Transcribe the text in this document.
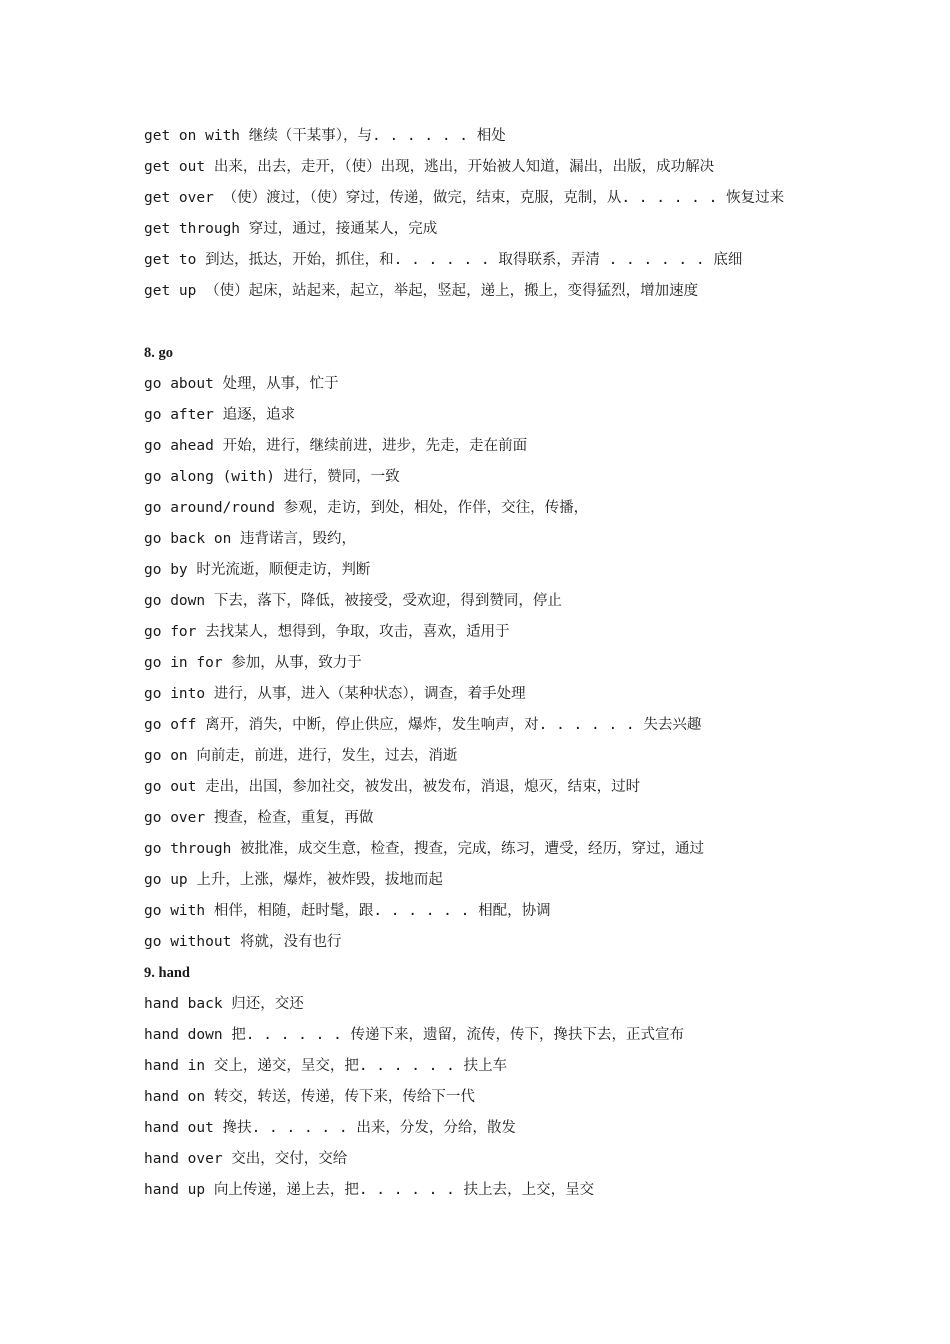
get on with 继续（干某事），与. . . . . . 相处
get out 出来，出去，走开，（使）出现，逃出，开始被人知道，漏出，出版，成功解决
get over （使）渡过，（使）穿过，传递，做完，结束，克服，克制，从. . . . . . 恢复过来
get through 穿过，通过，接通某人，完成
get to 到达，抵达，开始，抓住，和. . . . . . 取得联系，弄清 . . . . . . 底细
get up （使）起床，站起来，起立，举起，竖起，递上，搬上，变得猛烈，增加速度
8. go
go about 处理，从事，忙于
go after 追逐，追求
go ahead 开始，进行，继续前进，进步，先走，走在前面
go along (with) 进行，赞同，一致
go around/round 参观，走访，到处，相处，作伴，交往，传播，
go back on 违背诺言，毁约，
go by 时光流逝，顺便走访，判断
go down 下去，落下，降低，被接受，受欢迎，得到赞同，停止
go for 去找某人，想得到，争取，攻击，喜欢，适用于
go in for 参加，从事，致力于
go into 进行，从事，进入（某种状态），调查，着手处理
go off 离开，消失，中断，停止供应，爆炸，发生响声，对. . . . . . 失去兴趣
go on 向前走，前进，进行，发生，过去，消逝
go out 走出，出国，参加社交，被发出，被发布，消退，熄灭，结束，过时
go over 搜查，检查，重复，再做
go through 被批准，成交生意，检查，搜查，完成，练习，遭受，经历，穿过，通过
go up 上升，上涨，爆炸，被炸毁，拔地而起
go with 相伴，相随，赶时髦，跟. . . . . . 相配，协调
go without 将就，没有也行
9. hand
hand back 归还，交还
hand down 把. . . . . . 传递下来，遗留，流传，传下，搀扶下去，正式宣布
hand in 交上，递交，呈交，把. . . . . . 扶上车
hand on 转交，转送，传递，传下来，传给下一代
hand out 搀扶. . . . . . 出来，分发，分给，散发
hand over 交出，交付，交给
hand up 向上传递，递上去，把. . . . . . 扶上去，上交，呈交
